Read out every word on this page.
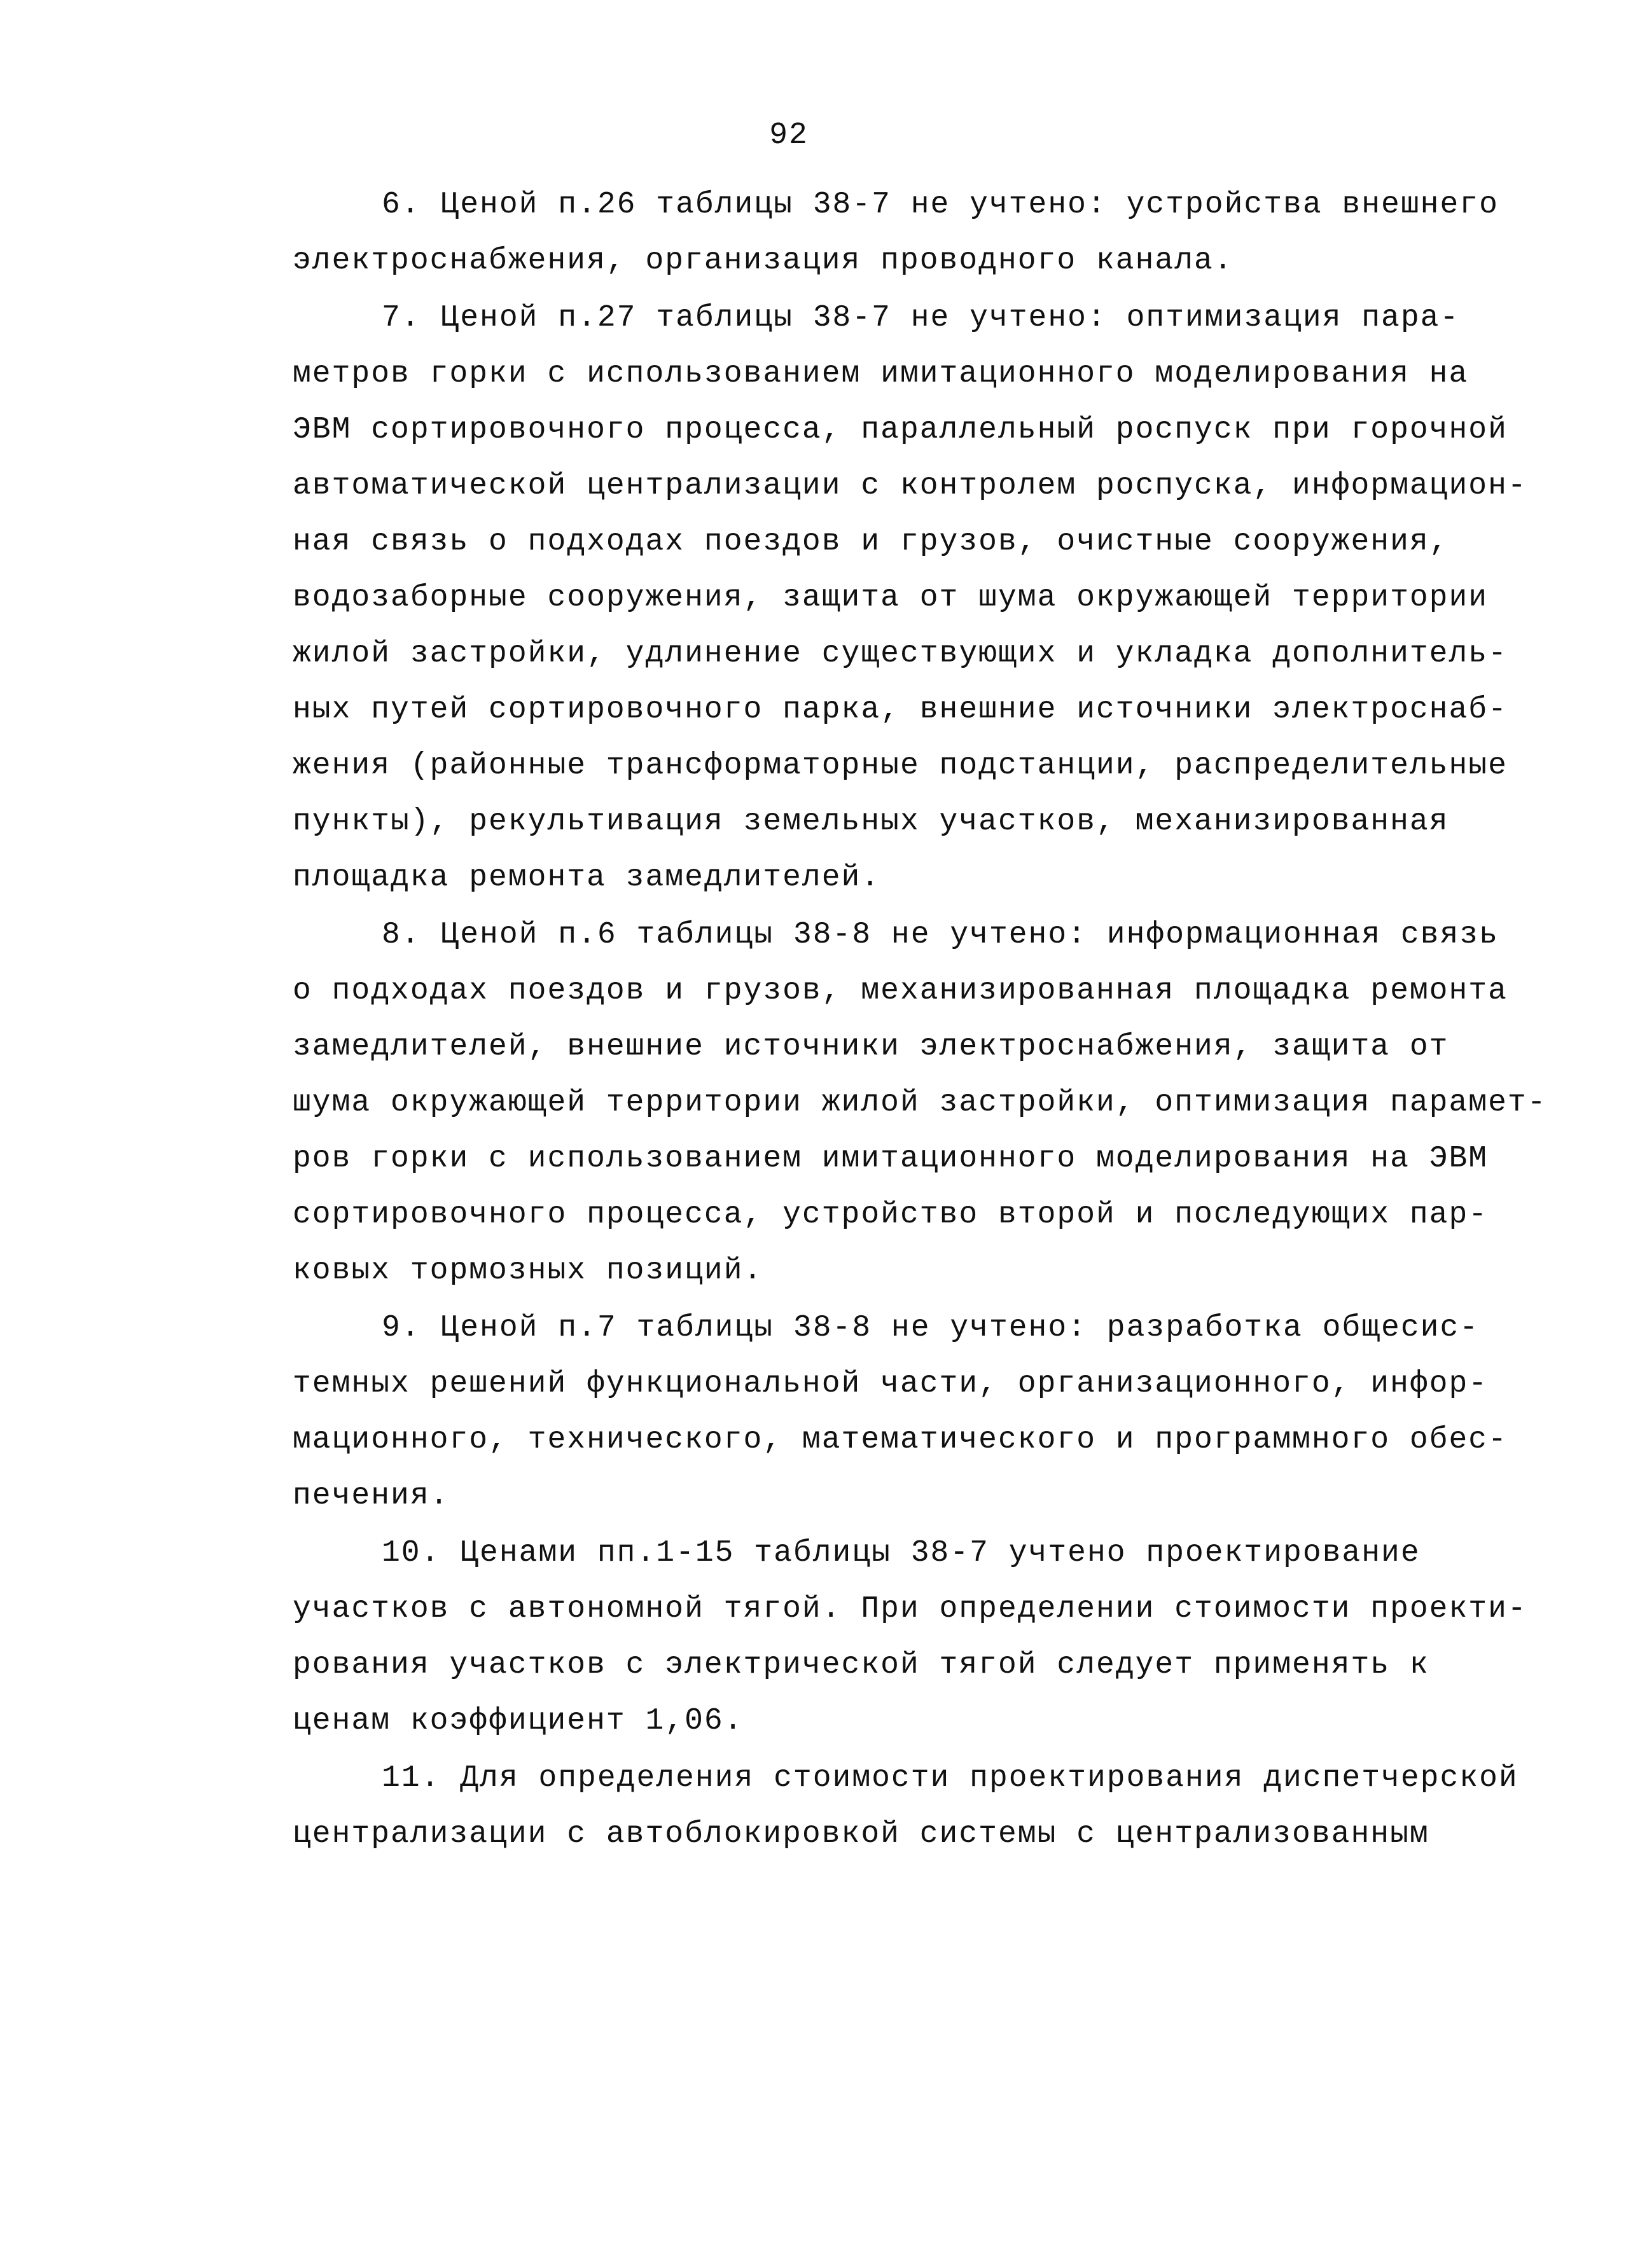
92
6. Ценой п.26 таблицы 38-7 не учтено: устройства внешнего
электроснабжения, организация проводного канала.
7. Ценой п.27 таблицы 38-7 не учтено: оптимизация пара-
метров горки с использованием имитационного моделирования на
ЭВМ сортировочного процесса, параллельный роспуск при горочной
автоматической централизации с контролем роспуска, информацион-
ная связь о подходах поездов и грузов, очистные сооружения,
водозаборные сооружения, защита от шума окружающей территории
жилой застройки, удлинение существующих и укладка дополнитель-
ных путей сортировочного парка, внешние источники электроснаб-
жения (районные трансформаторные подстанции, распределительные
пункты), рекультивация земельных участков, механизированная
площадка ремонта замедлителей.
8. Ценой п.6 таблицы 38-8 не учтено: информационная связь
о подходах поездов и грузов, механизированная площадка ремонта
замедлителей, внешние источники электроснабжения, защита от
шума окружающей территории жилой застройки, оптимизация парамет-
ров горки с использованием имитационного моделирования на ЭВМ
сортировочного процесса, устройство второй и последующих пар-
ковых тормозных позиций.
9. Ценой п.7 таблицы 38-8 не учтено: разработка общесис-
темных решений функциональной части, организационного, инфор-
мационного, технического, математического и программного обес-
печения.
10. Ценами пп.1-15 таблицы 38-7 учтено проектирование
участков с автономной тягой. При определении стоимости проекти-
рования участков с электрической тягой следует применять к
ценам коэффициент 1,06.
11. Для определения стоимости проектирования диспетчерской
централизации с автоблокировкой системы с централизованным
